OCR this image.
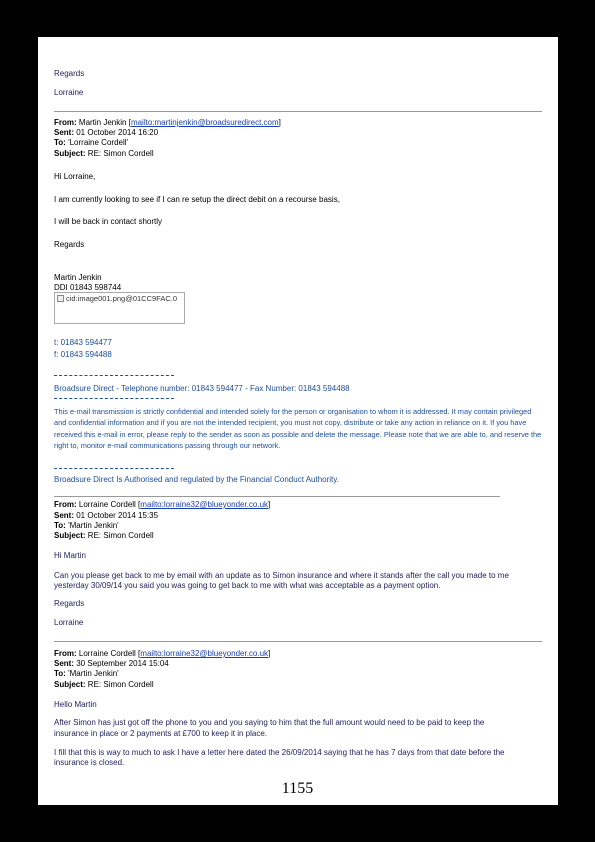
Regards
Lorraine
From: Martin Jenkin [mailto:martinjenkin@broadsuredirect.com]
Sent: 01 October 2014 16:20
To: 'Lorraine Cordell'
Subject: RE: Simon Cordell
Hi Lorraine,
I am currently looking to see if I can re setup the direct debit on a recourse basis,
I will be back in contact shortly
Regards
Martin Jenkin
DDI 01843 598744
cid:image001.png@01CC9FAC.0
t: 01843 594477
f: 01843 594488
Broadsure Direct - Telephone number: 01843 594477 - Fax Number: 01843 594488
This e-mail transmission is strictly confidential and intended solely for the person or organisation to whom it is addressed. It may contain privileged and confidential information and if you are not the intended recipient, you must not copy, distribute or take any action in reliance on it. If you have received this e-mail in error, please reply to the sender as soon as possible and delete the message. Please note that we are able to, and reserve the right to, monitor e-mail communications passing through our network.
Broadsure Direct Is Authorised and regulated by the Financial Conduct Authority.
From: Lorraine Cordell [mailto:lorraine32@blueyonder.co.uk]
Sent: 01 October 2014 15:35
To: 'Martin Jenkin'
Subject: RE: Simon Cordell
Hi Martin
Can you please get back to me by email with an update as to Simon insurance and where it stands after the call you made to me
yesterday 30/09/14 you said you was going to get back to me with what was acceptable as a payment option.
Regards
Lorraine
From: Lorraine Cordell [mailto:lorraine32@blueyonder.co.uk]
Sent: 30 September 2014 15:04
To: 'Martin Jenkin'
Subject: RE: Simon Cordell
Hello Martin
After Simon has just got off the phone to you and you saying to him that the full amount would need to be paid to keep the
insurance in place or 2 payments at £700 to keep it in place.
I fill that this is way to much to ask I have a letter here dated the 26/09/2014 saying that he has 7 days from that date before the
insurance is closed.
1155
